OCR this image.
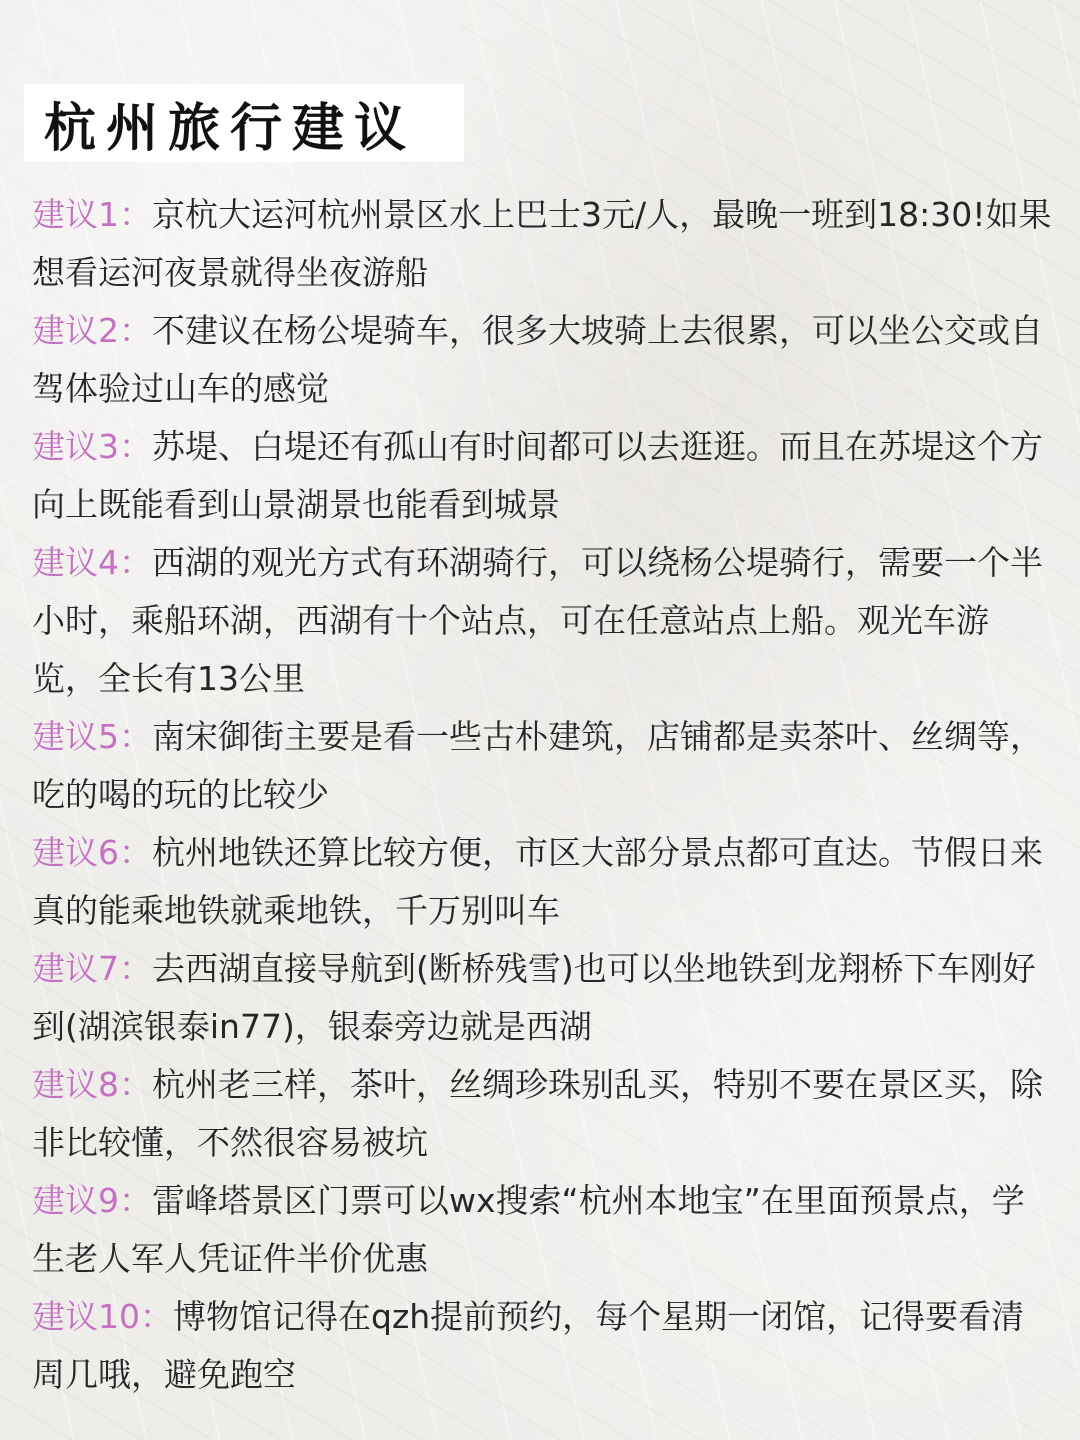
杭州旅行建议
建议1：京杭大运河杭州景区水上巴士3元/人，最晚一班到18:30!如果想看运河夜景就得坐夜游船
建议2：不建议在杨公堤骑车，很多大坡骑上去很累，可以坐公交或自驾体验过山车的感觉
建议3：苏堤、白堤还有孤山有时间都可以去逛逛。而且在苏堤这个方向上既能看到山景湖景也能看到城景
建议4：西湖的观光方式有环湖骑行，可以绕杨公堤骑行，需要一个半小时，乘船环湖，西湖有十个站点，可在任意站点上船。观光车游览，全长有13公里
建议5：南宋御街主要是看一些古朴建筑，店铺都是卖茶叶、丝绸等，吃的喝的玩的比较少
建议6：杭州地铁还算比较方便，市区大部分景点都可直达。节假日来真的能乘地铁就乘地铁，千万别叫车
建议7：去西湖直接导航到(断桥残雪)也可以坐地铁到龙翔桥下车刚好到(湖滨银泰in77)，银泰旁边就是西湖
建议8：杭州老三样，茶叶，丝绸珍珠别乱买，特别不要在景区买，除非比较懂，不然很容易被坑
建议9：雷峰塔景区门票可以wx搜索“杭州本地宝”在里面预景点，学生老人军人凭证件半价优惠
建议10：博物馆记得在qzh提前预约，每个星期一闭馆，记得要看清周几哦，避免跑空
